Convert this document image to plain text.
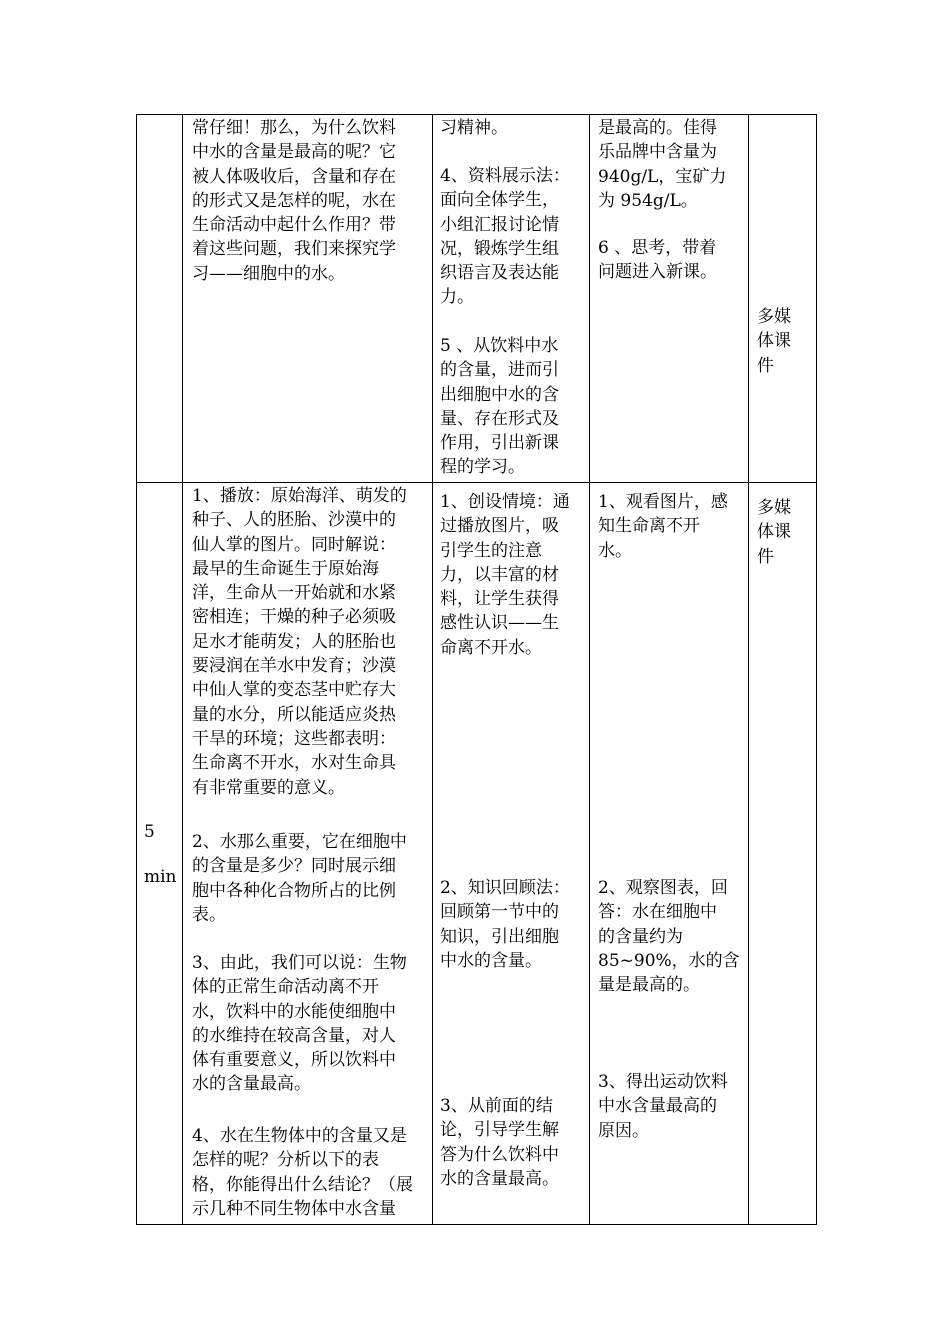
常仔细！那么，为什么饮料
中水的含量是最高的呢？它
被人体吸收后，含量和存在
的形式又是怎样的呢，水在
生命活动中起什么作用？带
着这些问题，我们来探究学
习——细胞中的水。

习精神。

4、资料展示法：
面向全体学生，
小组汇报讨论情
况，锻炼学生组
织语言及表达能
力。

5 、从饮料中水
的含量，进而引
出细胞中水的含
量、存在形式及
作用，引出新课
程的学习。

是最高的。佳得
乐品牌中含量为
940g/L，宝矿力
为 954g/L。

6 、思考，带着
问题进入新课。

多媒
体课
件

5
min

1、播放：原始海洋、萌发的
种子、人的胚胎、沙漠中的
仙人掌的图片。同时解说：
最早的生命诞生于原始海
洋，生命从一开始就和水紧
密相连；干燥的种子必须吸
足水才能萌发；人的胚胎也
要浸润在羊水中发育；沙漠
中仙人掌的变态茎中贮存大
量的水分，所以能适应炎热
干旱的环境；这些都表明：
生命离不开水，水对生命具
有非常重要的意义。

2、水那么重要，它在细胞中
的含量是多少？同时展示细
胞中各种化合物所占的比例
表。

3、由此，我们可以说：生物
体的正常生命活动离不开
水，饮料中的水能使细胞中
的水维持在较高含量，对人
体有重要意义，所以饮料中
水的含量最高。

4、水在生物体中的含量又是
怎样的呢？分析以下的表
格，你能得出什么结论？（展
示几种不同生物体中水含量

1、创设情境：通
过播放图片，吸
引学生的注意
力，以丰富的材
料，让学生获得
感性认识——生
命离不开水。

2、知识回顾法：
回顾第一节中的
知识，引出细胞
中水的含量。

3、从前面的结
论，引导学生解
答为什么饮料中
水的含量最高。

1、观看图片，感
知生命离不开
水。

2、观察图表，回
答：水在细胞中
的含量约为
85~90%，水的含
量是最高的。

3、得出运动饮料
中水含量最高的
原因。

多媒
体课
件
